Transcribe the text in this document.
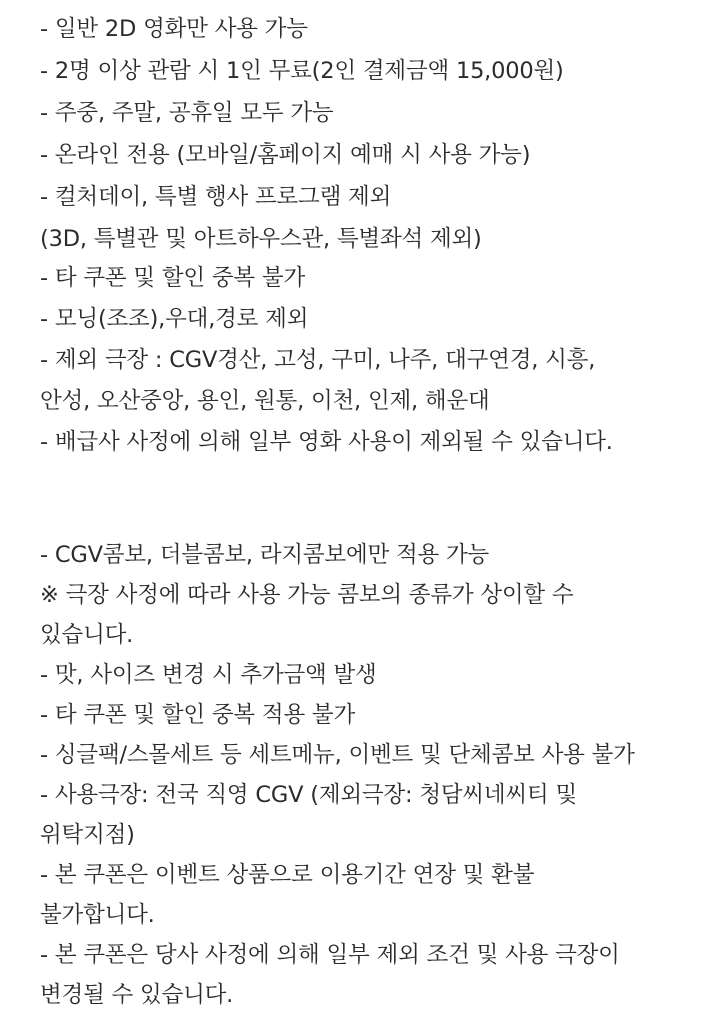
- 일반 2D 영화만 사용 가능

- 2명 이상 관람 시 1인 무료(2인 결제금액 15,000원)

- 주중, 주말, 공휴일 모두 가능

- 온라인 전용 (모바일/홈페이지 예매 시 사용 가능)

- 컬처데이, 특별 행사 프로그램 제외

(3D, 특별관 및 아트하우스관, 특별좌석 제외)

- 타 쿠폰 및 할인 중복 불가

- 모닝(조조),우대,경로 제외

- 제외 극장 : CGV경산, 고성, 구미, 나주, 대구연경, 시흥,

안성, 오산중앙, 용인, 원통, 이천, 인제, 해운대

- 배급사 사정에 의해 일부 영화 사용이 제외될 수 있습니다.

- CGV콤보, 더블콤보, 라지콤보에만 적용 가능

※ 극장 사정에 따라 사용 가능 콤보의 종류가 상이할 수

있습니다.

- 맛, 사이즈 변경 시 추가금액 발생

- 타 쿠폰 및 할인 중복 적용 불가

- 싱글팩/스몰세트 등 세트메뉴, 이벤트 및 단체콤보 사용 불가

- 사용극장: 전국 직영 CGV (제외극장: 청담씨네씨티 및

위탁지점)

- 본 쿠폰은 이벤트 상품으로 이용기간 연장 및 환불

불가합니다.

- 본 쿠폰은 당사 사정에 의해 일부 제외 조건 및 사용 극장이

변경될 수 있습니다.
